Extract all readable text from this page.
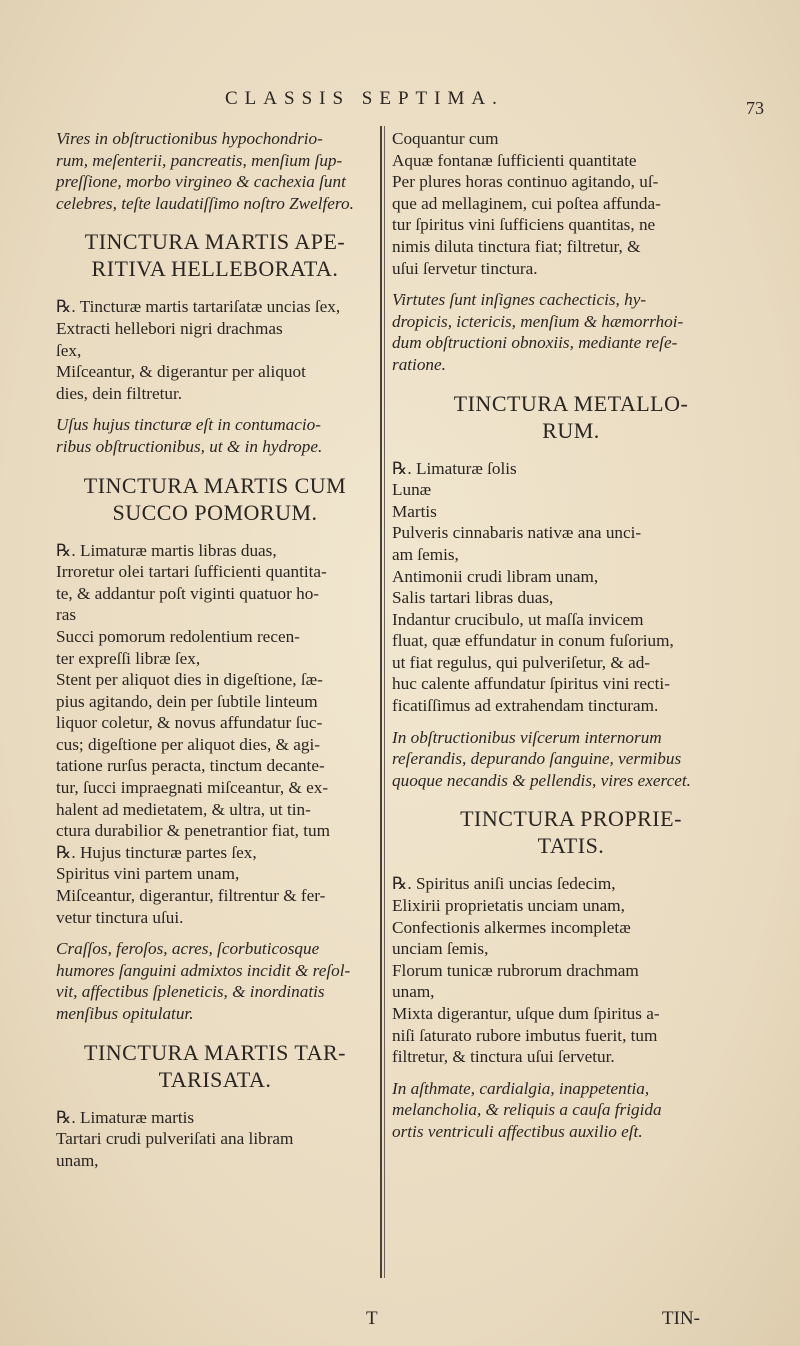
CLASSIS SEPTIMA.	73
Vires in obſtructionibus hypochondrio-
rum, meſenterii, pancreatis, menſium ſup-
preſſione, morbo virgineo & cachexia ſunt
celebres, teſte laudatiſſimo noſtro Zwelfero.
TINCTURA MARTIS APE-
RITIVA HELLEBORATA.
℞. Tincturæ martis tartariſatæ uncias ſex,
Extracti hellebori nigri drachmas
ſex,
Miſceantur, & digerantur per aliquot
dies, dein filtretur.
Uſus hujus tincturæ eſt in contumacio-
ribus obſtructionibus, ut & in hydrope.
TINCTURA MARTIS CUM
SUCCO POMORUM.
℞. Limaturæ martis libras duas,
Irroretur olei tartari ſufficienti quantita-
te, & addantur poſt viginti quatuor ho-
ras
Succi pomorum redolentium recen-
ter expreſſi libræ ſex,
Stent per aliquot dies in digeſtione, ſæ-
pius agitando, dein per ſubtile linteum
liquor coletur, & novus affundatur ſuc-
cus; digeſtione per aliquot dies, & agi-
tatione rurſus peracta, tinctum decante-
tur, ſucci impraegnati miſceantur, & ex-
halent ad medietatem, & ultra, ut tin-
ctura durabilior & penetrantior fiat, tum
℞. Hujus tincturæ partes ſex,
Spiritus vini partem unam,
Miſceantur, digerantur, filtrentur & fer-
vetur tinctura uſui.
Craſſos, feroſos, acres, ſcorbuticosque
humores ſanguini admixtos incidit & reſol-
vit, affectibus ſpleneticis, & inordinatis
menſibus opitulatur.
TINCTURA MARTIS TAR-
TARISATA.
℞. Limaturæ martis
Tartari crudi pulveriſati ana libram
unam,
Coquantur cum
Aquæ fontanæ ſufficienti quantitate
Per plures horas continuo agitando, uſ-
que ad mellaginem, cui poſtea affunda-
tur ſpiritus vini ſufficiens quantitas, ne
nimis diluta tinctura fiat; filtretur, &
uſui ſervetur tinctura.
Virtutes ſunt inſignes cachecticis, hy-
dropicis, ictericis, menſium & hæmorrhoi-
dum obſtructioni obnoxiis, mediante reſe-
ratione.
TINCTURA METALLO-
RUM.
℞. Limaturæ ſolis
Lunæ
Martis
Pulveris cinnabaris nativæ ana unci-
am ſemis,
Antimonii crudi libram unam,
Salis tartari libras duas,
Indantur crucibulo, ut maſſa invicem
fluat, quæ effundatur in conum fuſorium,
ut fiat regulus, qui pulveriſetur, & ad-
huc calente affundatur ſpiritus vini recti-
ficatiſſimus ad extrahendam tincturam.
In obſtructionibus viſcerum internorum
reſerandis, depurando ſanguine, vermibus
quoque necandis & pellendis, vires exercet.
TINCTURA PROPRIE-
TATIS.
℞. Spiritus aniſi uncias ſedecim,
Elixirii proprietatis unciam unam,
Confectionis alkermes incompletæ
unciam ſemis,
Florum tunicæ rubrorum drachmam
unam,
Mixta digerantur, uſque dum ſpiritus a-
niſi ſaturato rubore imbutus fuerit, tum
filtretur, & tinctura uſui ſervetur.
In aſthmate, cardialgia, inappetentia,
melancholia, & reliquis a cauſa frigida
ortis ventriculi affectibus auxilio eſt.
T	TIN-
